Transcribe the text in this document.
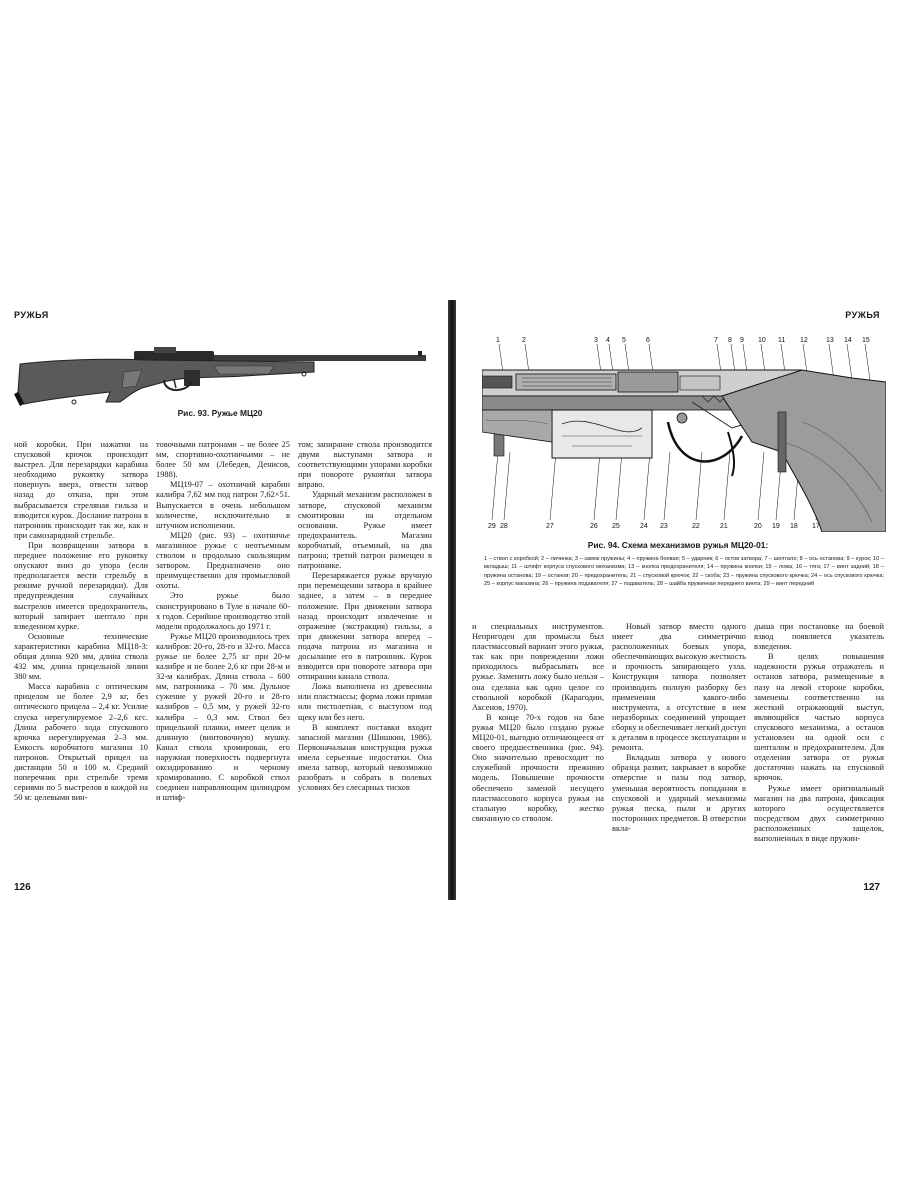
РУЖЬЯ
Рис. 93. Ружье МЦ20

ной коробки. При нажатии на спусковой крючок происходит выстрел. Для перезарядки карабина необходимо рукоятку затвора повернуть вверх, отвести затвор назад до отказа, при этом выбрасывается стреляная гильза и взводится курок. Дослание патрона в патронник происходит так же, как и при самозарядной стрельбе.

При возвращении затвора в переднее положение его рукоятку опускают вниз до упора (если предполагается вести стрельбу в режиме ручной перезарядки). Для предупреждения случайных выстрелов имеется предохранитель, который запирает шептало при взведенном курке.

Основные технические характеристики карабина МЦ18-3: общая длина 920 мм, длина ствола 432 мм, длина прицельной линии 380 мм.

Масса карабина с оптическим прицелом не более 2,9 кг, без оптического прицела – 2,4 кг. Усилие спуска нерегулируемое 2–2,6 кгс. Длина рабочего хода спускового крючка нерегулируемая 2–3 мм. Емкость коробчатого магазина 10 патронов. Открытый прицел на дистанции 50 и 100 м. Средний поперечник при стрельбе тремя сериями по 5 выстрелов в каждой на 50 м: целевыми вин-

товочными патронами – не более 25 мм, спортивно-охотничьими – не более 50 мм (Лебедев, Денисов, 1988).

МЦ19-07 – охотничий карабин калибра 7,62 мм под патрон 7,62×51. Выпускается в очень небольшом количестве, исключительно в штучном исполнении.

МЦ20 (рис. 93) – охотничье магазинное ружье с неотъемным стволом и продольно скользящим затвором. Предназначено оно преимущественно для промысловой охоты.

Это ружье было сконструировано в Туле в начале 60-х годов. Серийное производство этой модели продолжалось до 1971 г.

Ружье МЦ20 производилось трех калибров: 20-го, 28-го и 32-го. Масса ружье не более 2,75 кг при 20-м калибре и не более 2,6 кг при 28-м и 32-м калибрах. Длина ствола – 600 мм, патронника – 70 мм. Дульное сужение у ружей 20-го и 28-го калибров – 0,5 мм, у ружей 32-го калибра – 0,3 мм. Ствол без прицельной планки, имеет целик и длинную (винтовочную) мушку. Канал ствола хромирован, его наружная поверхность подвергнута оксидированию и черному хромированию. С коробкой ствол соединен направляющим цилиндром и штиф-

том; запирание ствола производится двумя выступами затвора и соответствующими упорами коробки при повороте рукоятки затвора вправо.

Ударный механизм расположен в затворе, спусковой механизм смонтирован на отдельном основании. Ружье имеет предохранитель. Магазин коробчатый, отъемный, на два патрона; третий патрон размещен в патроннике.

Перезаряжается ружье вручную при перемещении затвора в крайнее заднее, а затем – в переднее положение. При движении затвора назад происходит извлечение и отражение (экстракция) гильзы, а при движении затвора вперед – подача патрона из магазина и досылание его в патронник. Курок взводится при повороте затвора при отпирании канала ствола.

Ложа выполнена из древесины или пластмассы; форма ложи прямая или пистолетная, с выступом под щеку или без него.

В комплект поставки входит запасной магазин (Шишкин, 1986). Первоначальная конструкция ружья имела серьезные недостатки. Она имела затвор, который невозможно разобрать и собрать в полевых условиях без слесарных тисков

126
РУЖЬЯ
1	2	3 4 5	6	7 8 9 10 11 12	13 14 15
29 28	27	26 25	24 23	22	21	20 19 18 17
Рис. 94. Схема механизмов ружья МЦ20-01:
1 – ствол с коробкой; 2 – личинка; 3 – замок пружины; 4 – пружина боевая; 5 – ударник; 6 – остов затвора; 7 – шептало; 8 – ось останова; 9 – курок; 10 – вкладыш; 11 – штифт корпуса спускового механизма; 13 – кнопка предохранителя; 14 – пружина кнопки; 15 – ложа; 16 – тяга; 17 – винт задний; 18 – пружина останова; 19 – останов; 20 – предохранитель; 21 – спусковой крючок; 22 – скоба; 23 – пружина спускового крючка; 24 – ось спускового крючка; 25 – корпус магазина; 26 – пружина подавателя; 27 – подаватель; 28 – шайба пружинная переднего винта; 29 – винт передний

и специальных инструментов. Непригоден для промысла был пластмассовый вариант этого ружья, так как при повреждении ложи приходилось выбрасывать все ружье. Заменить ложу было нельзя – она сделана как одно целое со ствольной коробкой (Карагодин, Аксенов, 1970).

В конце 70-х годов на базе ружья МЦ20 было создано ружье МЦ20-01, выгодно отличающееся от своего предшественника (рис. 94). Оно значительно превосходит по служебной прочности прежнюю модель. Повышение прочности обеспечено заменой несущего пластмассового корпуса ружья на стальную коробку, жестко связанную со стволом.

Новый затвор вместо одного имеет два симметрично расположенных боевых упора, обеспечивающих высокую жесткость и прочность запирающего узла. Конструкция затвора позволяет производить полную разборку без применения какого-либо инструмента, а отсутствие в нем неразборных соединений упрощает сборку и обеспечивает легкий доступ к деталям в процессе эксплуатации и ремонта.

Вкладыш затвора у нового образца развит, закрывает в коробке отверстие и пазы под затвор, уменьшая вероятность попадания в спусковой и ударный механизмы ружья песка, пыли и других посторонних предметов. В отверстии вкла-

дыша при постановке на боевой взвод появляется указатель взведения.

В целях повышения надежности ружья отражатель и останов затвора, размещенные в пазу на левой стороне коробки, заменены соответственно на жесткий отражающий выступ, являющийся частью корпуса спускового механизма, а останов установлен на одной оси с шепталом и предохранителем. Для отделения затвора от ружья достаточно нажать на спусковой крючок.

Ружье имеет оригинальный магазин на два патрона, фиксация которого осуществляется посредством двух симметрично расположенных защелок, выполненных в виде пружин-

127
